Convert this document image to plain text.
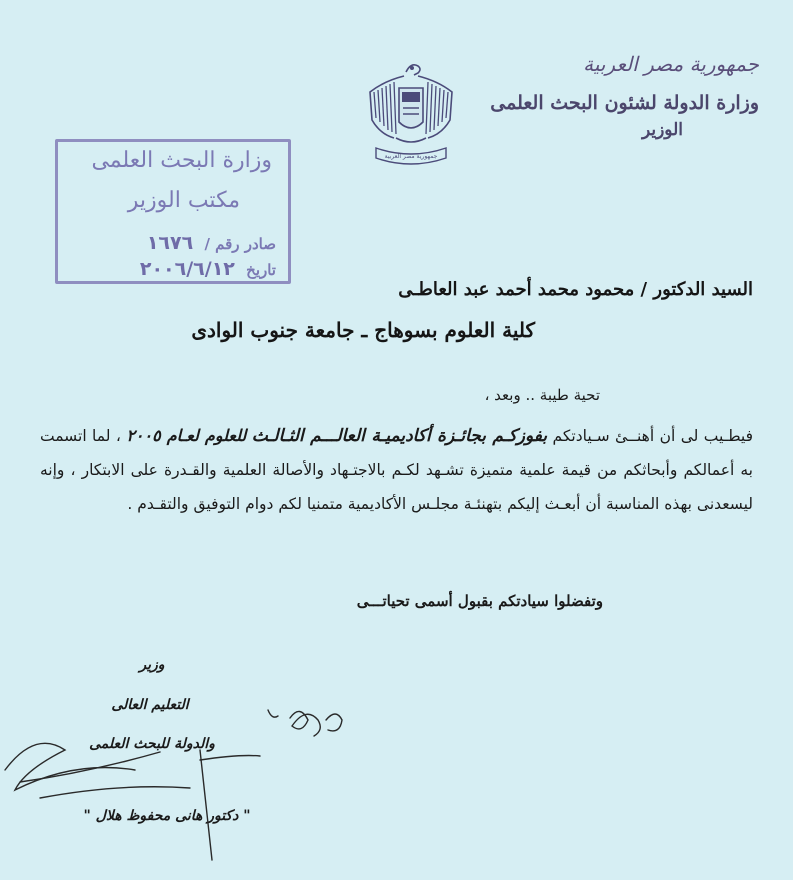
جمهورية مصر العربية
وزارة الدولة لشئون البحث العلمى
الوزير
جمهورية مصر العربية
وزارة البحث العلمى
مكتب الوزير
صادر رقم / ١٦٧٦
تاريخ ٢٠٠٦/٦/١٢
السيد الدكتور / محمود محمد أحمد عبد العاطـى
كلية العلوم بسوهاج ـ جامعة جنوب الوادى
تحية طيبة .. وبعد ،
فيطـيب لى أن أهنــئ سـيادتكم بفوزكـم بجائـزة أكاديميـة العالـــم الثـالـث للعلوم لعـام ٢٠٠٥ ، لما اتسمت به أعمالكم وأبحاثكم من قيمة علمية متميزة تشـهد لكـم بالاجتـهاد والأصالة العلمية والقـدرة على الابتكار ، وإنه ليسعدنى بهذه المناسبة أن أبعـث إليكم بتهنئـة مجلـس الأكاديمية متمنيا لكم دوام التوفيق والتقـدم .
وتفضلوا سيادتكم بقبول أسمى تحياتـــى
وزير
التعليم العالى
والدولة للبحث العلمى
" دكتور هانى محفوظ هلال "
